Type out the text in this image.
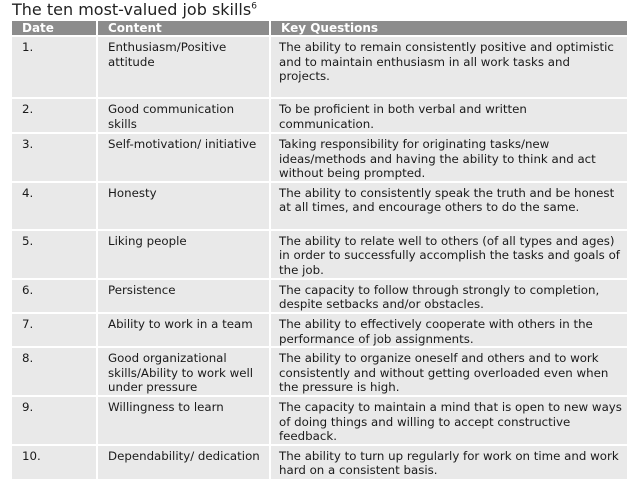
The ten most-valued job skills$^6$
Date	Content	Key Questions
1.	Enthusiasm/Positive attitude	The ability to remain consistently positive and optimistic and to maintain enthusiasm in all work tasks and projects.
2.	Good communication skills	To be proficient in both verbal and written communication.
3.	Self-motivation/ initiative	Taking responsibility for originating tasks/new ideas/methods and having the ability to think and act without being prompted.
4.	Honesty	The ability to consistently speak the truth and be honest at all times, and encourage others to do the same.
5.	Liking people	The ability to relate well to others (of all types and ages) in order to successfully accomplish the tasks and goals of the job.
6.	Persistence	The capacity to follow through strongly to completion, despite setbacks and/or obstacles.
7.	Ability to work in a team	The ability to effectively cooperate with others in the performance of job assignments.
8.	Good organizational skills/Ability to work well under pressure	The ability to organize oneself and others and to work consistently and without getting overloaded even when the pressure is high.
9.	Willingness to learn	The capacity to maintain a mind that is open to new ways of doing things and willing to accept constructive feedback.
10.	Dependability/ dedication	The ability to turn up regularly for work on time and work hard on a consistent basis.
